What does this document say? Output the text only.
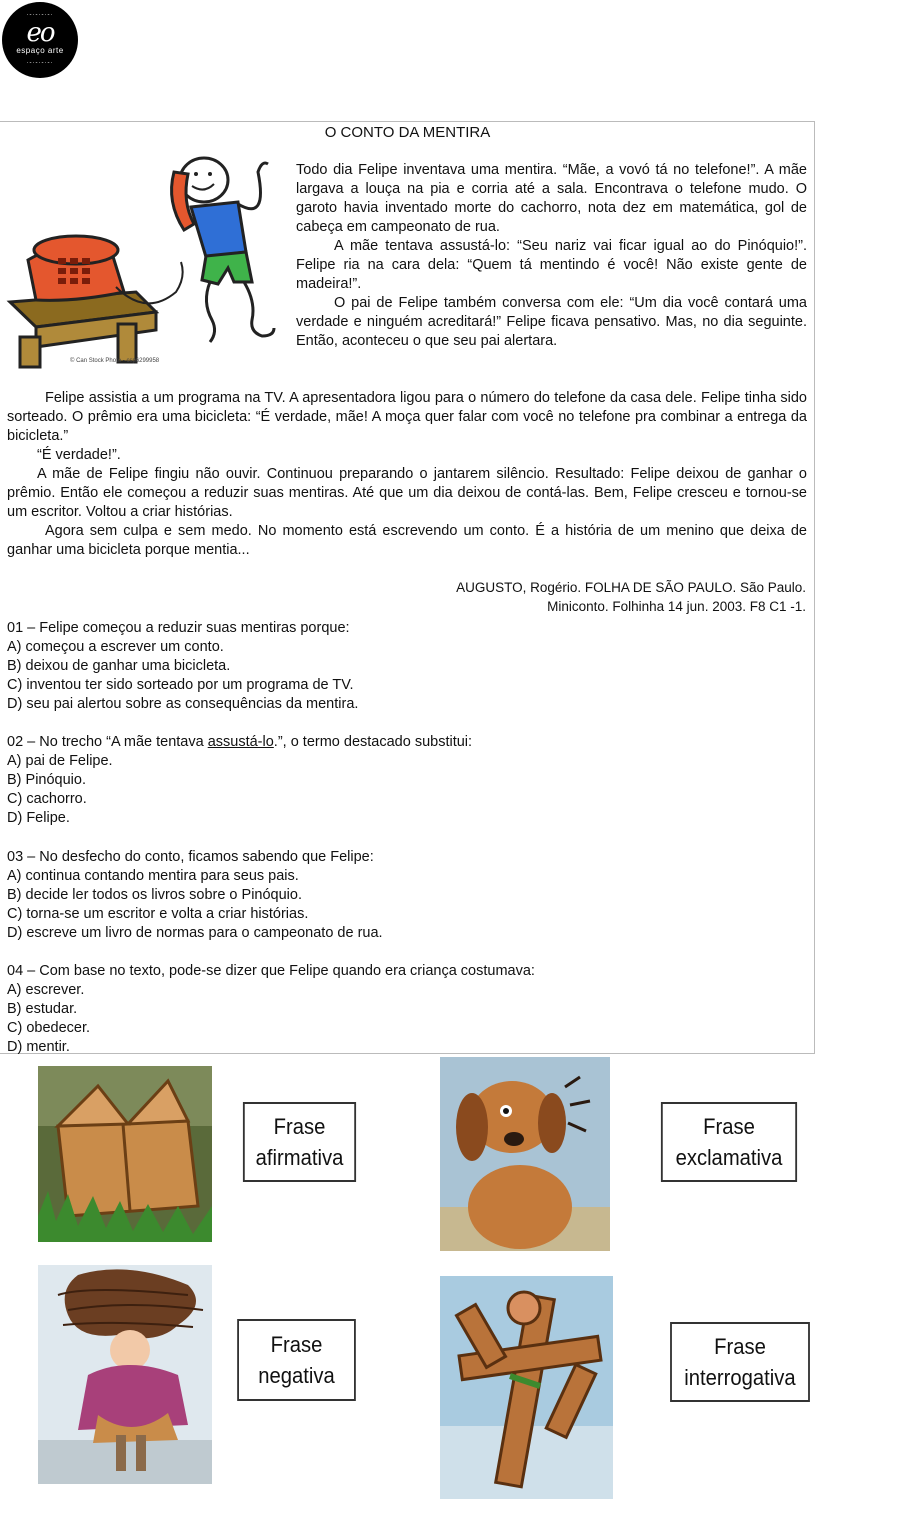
·-·-·-·-·
eo
espaço arte
·-·-·-·-·
O CONTO DA MENTIRA
© Can Stock Photo - csp6299958

Todo dia Felipe inventava uma mentira. “Mãe, a vovó tá no telefone!”. A mãe largava a louça na pia e corria até a sala. Encontrava o telefone mudo. O garoto havia inventado morte do cachorro, nota dez em matemática, gol de cabeça em campeonato de rua.

A mãe tentava assustá-lo: “Seu nariz vai ficar igual ao do Pinóquio!”. Felipe ria na cara dela: “Quem tá mentindo é você! Não existe gente de madeira!”.

O pai de Felipe também conversa com ele: “Um dia você contará uma verdade e ninguém acreditará!” Felipe ficava pensativo. Mas, no dia seguinte. Então, aconteceu o que seu pai alertara.

Felipe assistia a um programa na TV. A apresentadora ligou para o número do telefone da casa dele. Felipe tinha sido sorteado. O prêmio era uma bicicleta: “É verdade, mãe! A moça quer falar com você no telefone pra combinar a entrega da bicicleta.”

“É verdade!”.

A mãe de Felipe fingiu não ouvir. Continuou preparando o jantarem silêncio. Resultado: Felipe deixou de ganhar o prêmio. Então ele começou a reduzir suas mentiras. Até que um dia deixou de contá-las. Bem, Felipe cresceu e tornou-se um escritor. Voltou a criar histórias.

Agora sem culpa e sem medo. No momento está escrevendo um conto. É a história de um menino que deixa de ganhar uma bicicleta porque mentia...

AUGUSTO, Rogério. FOLHA DE SÃO PAULO. São Paulo.
Miniconto. Folhinha 14 jun. 2003. F8 C1 -1.
01 – Felipe começou a reduzir suas mentiras porque:
A) começou a escrever um conto.
B) deixou de ganhar uma bicicleta.
C) inventou ter sido sorteado por um programa de TV.
D) seu pai alertou sobre as consequências da mentira.
02 – No trecho “A mãe tentava assustá-lo.”, o termo destacado substitui:
A) pai de Felipe.
B) Pinóquio.
C) cachorro.
D) Felipe.
03 – No desfecho do conto, ficamos sabendo que Felipe:
A) continua contando mentira para seus pais.
B) decide ler todos os livros sobre o Pinóquio.
C) torna-se um escritor e volta a criar histórias.
D) escreve um livro de normas para o campeonato de rua.
04 – Com base no texto, pode-se dizer que Felipe quando era criança costumava:
A) escrever.
B) estudar.
C) obedecer.
D) mentir.
Frase
afirmativa
Frase
exclamativa
Frase
negativa
Frase
interrogativa
